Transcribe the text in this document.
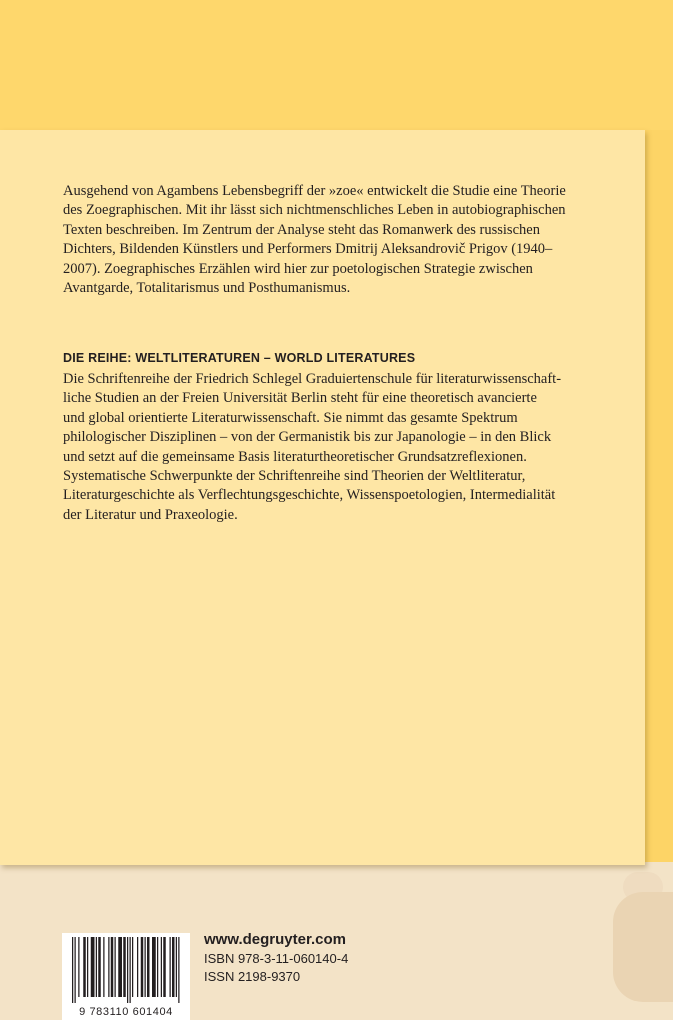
Ausgehend von Agambens Lebensbegriff der »zoe« entwickelt die Studie eine Theorie
des Zoegraphischen. Mit ihr lässt sich nichtmenschliches Leben in autobiographischen
Texten beschreiben. Im Zentrum der Analyse steht das Romanwerk des russischen
Dichters, Bildenden Künstlers und Performers Dmitrij Aleksandrovič Prigov (1940–
2007). Zoegraphisches Erzählen wird hier zur poetologischen Strategie zwischen
Avantgarde, Totalitarismus und Posthumanismus.
DIE REIHE: WELTLITERATUREN – WORLD LITERATURES
Die Schriftenreihe der Friedrich Schlegel Graduiertenschule für literaturwissenschaft-
liche Studien an der Freien Universität Berlin steht für eine theoretisch avancierte
und global orientierte Literaturwissenschaft. Sie nimmt das gesamte Spektrum
philologischer Disziplinen – von der Germanistik bis zur Japanologie – in den Blick
und setzt auf die gemeinsame Basis literaturtheoretischer Grundsatzreflexionen.
Systematische Schwerpunkte der Schriftenreihe sind Theorien der Weltliteratur,
Literaturgeschichte als Verflechtungsgeschichte, Wissenspoetologien, Intermedialität
der Literatur und Praxeologie.
9 783110 601404
www.degruyter.com
ISBN 978-3-11-060140-4
ISSN 2198-9370
